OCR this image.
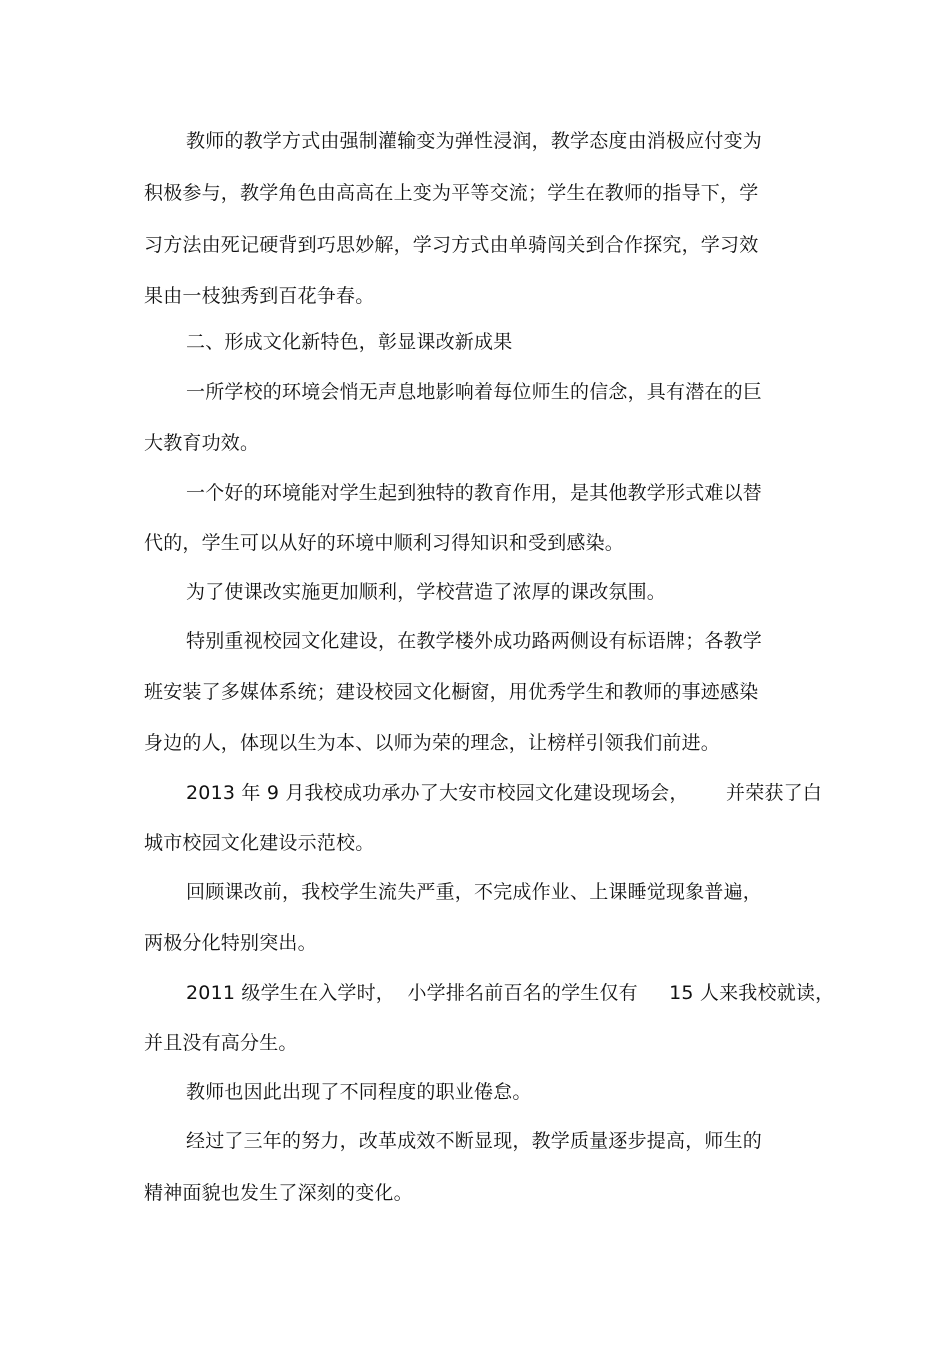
教师的教学方式由强制灌输变为弹性浸润，教学态度由消极应付变为
积极参与，教学角色由高高在上变为平等交流；学生在教师的指导下，学
习方法由死记硬背到巧思妙解，学习方式由单骑闯关到合作探究，学习效
果由一枝独秀到百花争春。
二、形成文化新特色，彰显课改新成果
一所学校的环境会悄无声息地影响着每位师生的信念，具有潜在的巨
大教育功效。
一个好的环境能对学生起到独特的教育作用，是其他教学形式难以替
代的，学生可以从好的环境中顺利习得知识和受到感染。
为了使课改实施更加顺利，学校营造了浓厚的课改氛围。
特别重视校园文化建设，在教学楼外成功路两侧设有标语牌；各教学
班安装了多媒体系统；建设校园文化橱窗，用优秀学生和教师的事迹感染
身边的人，体现以生为本、以师为荣的理念，让榜样引领我们前进。
2013 年 9 月我校成功承办了大安市校园文化建设现场会，      并荣获了白
城市校园文化建设示范校。
回顾课改前，我校学生流失严重，不完成作业、上课睡觉现象普遍，
两极分化特别突出。
2011 级学生在入学时，  小学排名前百名的学生仅有     15 人来我校就读，
并且没有高分生。
教师也因此出现了不同程度的职业倦怠。
经过了三年的努力，改革成效不断显现，教学质量逐步提高，师生的
精神面貌也发生了深刻的变化。
